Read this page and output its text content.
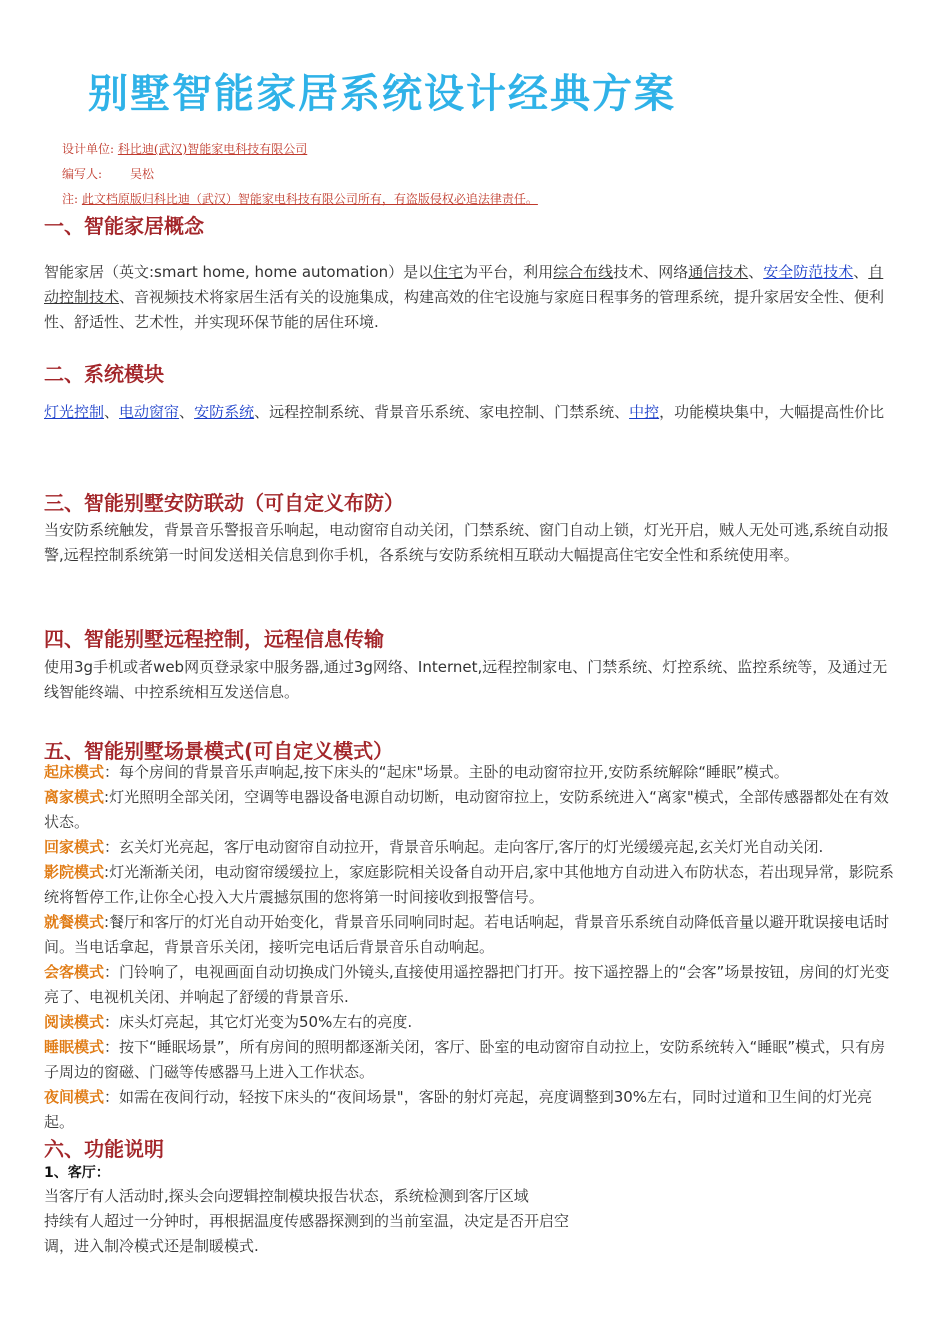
别墅智能家居系统设计经典方案
设计单位: 科比迪(武汉)智能家电科技有限公司
编写人: 吴松
注: 此文档原版归科比迪（武汉）智能家电科技有限公司所有，有盗版侵权必追法律责任。
一、智能家居概念
智能家居（英文:smart home, home automation）是以住宅为平台，利用综合布线技术、网络通信技术、安全防范技术、自动控制技术、音视频技术将家居生活有关的设施集成，构建高效的住宅设施与家庭日程事务的管理系统，提升家居安全性、便利性、舒适性、艺术性，并实现环保节能的居住环境.
二、系统模块
灯光控制、电动窗帘、安防系统、远程控制系统、背景音乐系统、家电控制、门禁系统、中控，功能模块集中，大幅提高性价比
三、智能别墅安防联动（可自定义布防）
当安防系统触发，背景音乐警报音乐响起，电动窗帘自动关闭，门禁系统、窗门自动上锁，灯光开启，贼人无处可逃,系统自动报警,远程控制系统第一时间发送相关信息到你手机，各系统与安防系统相互联动大幅提高住宅安全性和系统使用率。
四、智能别墅远程控制，远程信息传输
使用3g手机或者web网页登录家中服务器,通过3g网络、Internet,远程控制家电、门禁系统、灯控系统、监控系统等，及通过无线智能终端、中控系统相互发送信息。
五、智能别墅场景模式(可自定义模式）
起床模式：每个房间的背景音乐声响起,按下床头的“起床"场景。主卧的电动窗帘拉开,安防系统解除“睡眠”模式。
离家模式:灯光照明全部关闭，空调等电器设备电源自动切断，电动窗帘拉上，安防系统进入“离家"模式，全部传感器都处在有效状态。
回家模式：玄关灯光亮起，客厅电动窗帘自动拉开，背景音乐响起。走向客厅,客厅的灯光缓缓亮起,玄关灯光自动关闭.
影院模式:灯光渐渐关闭，电动窗帘缓缓拉上，家庭影院相关设备自动开启,家中其他地方自动进入布防状态，若出现异常，影院系统将暂停工作,让你全心投入大片震撼氛围的您将第一时间接收到报警信号。
就餐模式:餐厅和客厅的灯光自动开始变化，背景音乐同响同时起。若电话响起，背景音乐系统自动降低音量以避开耽误接电话时间。当电话拿起，背景音乐关闭，接听完电话后背景音乐自动响起。
会客模式：门铃响了，电视画面自动切换成门外镜头,直接使用遥控器把门打开。按下遥控器上的“会客”场景按钮，房间的灯光变亮了、电视机关闭、并响起了舒缓的背景音乐.
阅读模式：床头灯亮起，其它灯光变为50%左右的亮度.
睡眠模式：按下“睡眠场景”，所有房间的照明都逐渐关闭，客厅、卧室的电动窗帘自动拉上，安防系统转入“睡眠”模式，只有房子周边的窗磁、门磁等传感器马上进入工作状态。
夜间模式：如需在夜间行动，轻按下床头的“夜间场景"，客卧的射灯亮起，亮度调整到30%左右，同时过道和卫生间的灯光亮起。
六、功能说明
1、客厅：
当客厅有人活动时,探头会向逻辑控制模块报告状态，系统检测到客厅区域
持续有人超过一分钟时，再根据温度传感器探测到的当前室温，决定是否开启空
调，进入制冷模式还是制暖模式.
